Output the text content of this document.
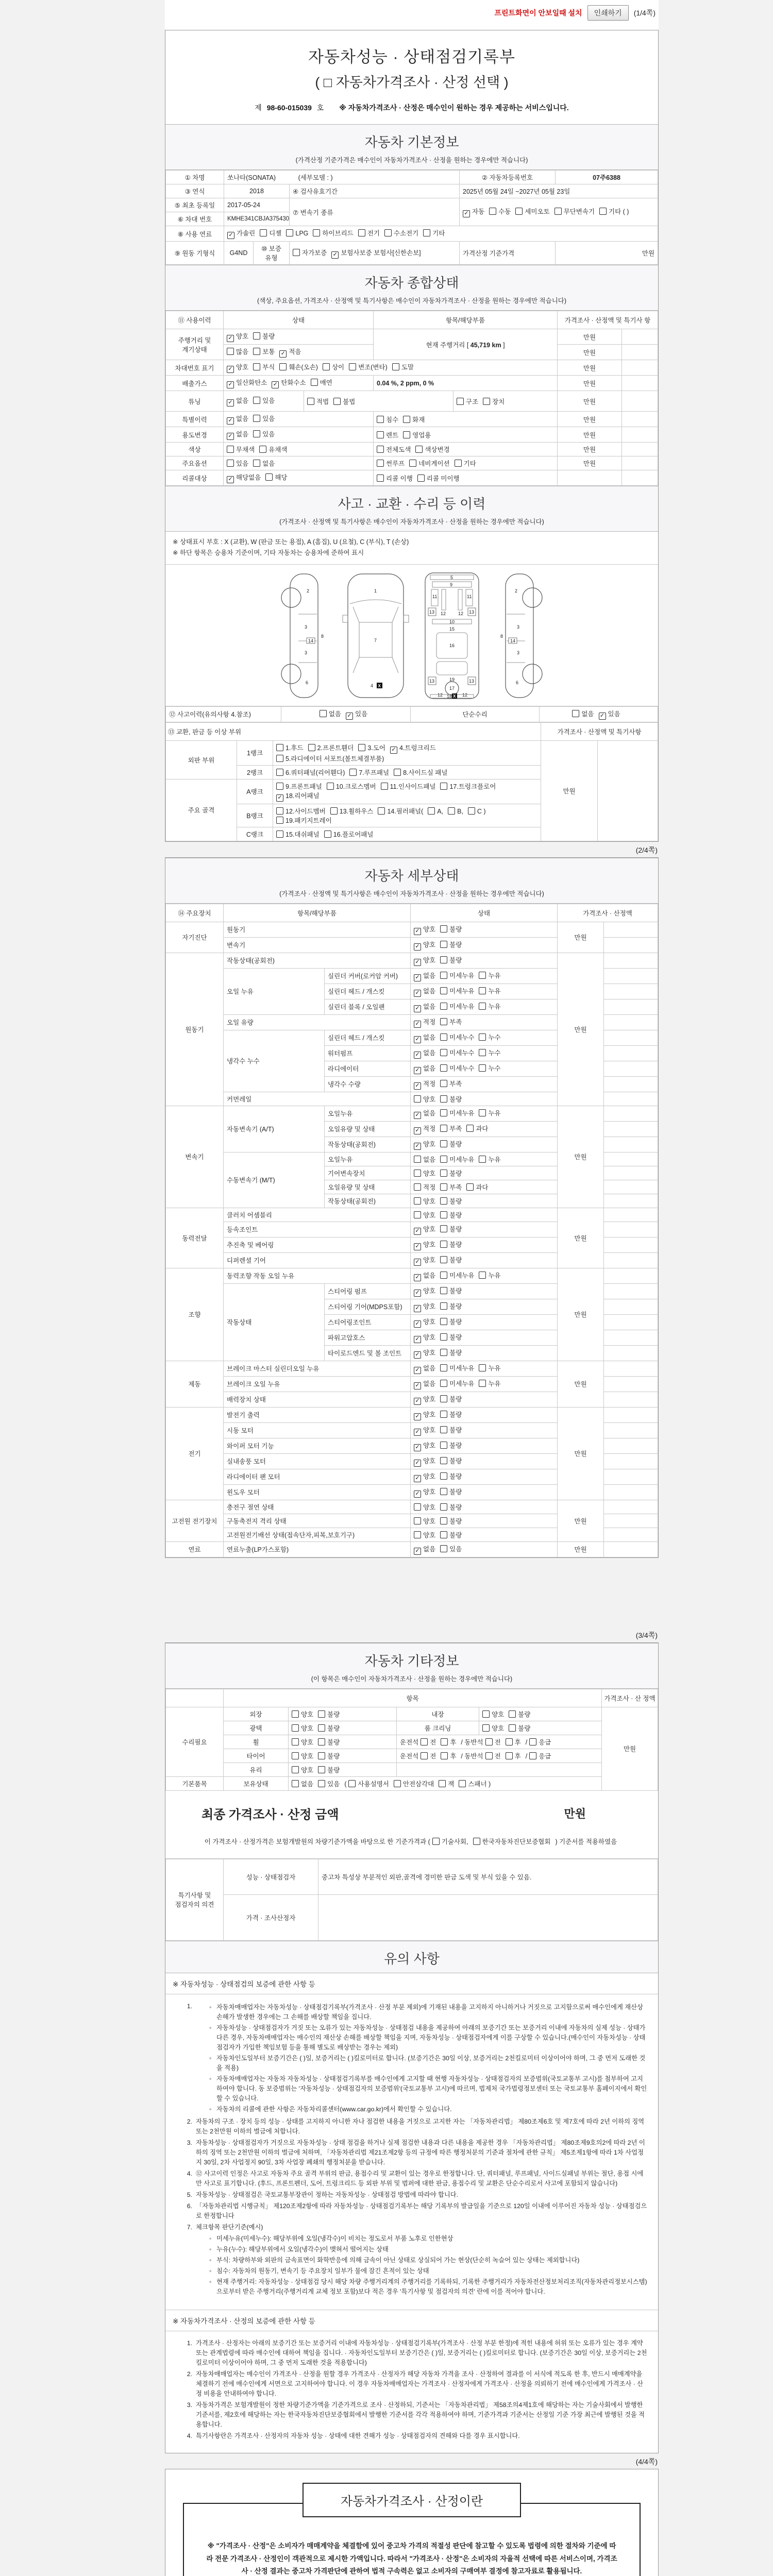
프린트화면이 안보일때 설치	인쇄하기	(1/4쪽)
자동차성능 · 상태점검기록부
( □ 자동차가격조사 · 산정 선택 )
제 98-60-015039 호 ※ 자동차가격조사 · 산정은 매수인이 원하는 경우 제공하는 서비스입니다.
자동차 기본정보
(가격산정 기준가격은 매수인이 자동차가격조사 · 산정을 원하는 경우에만 적습니다)
① 차명	쏘나타(SONATA) (세부모델 : )			② 자동차등록번호	07주6388
③ 연식	2018		④ 검사유효기간	2025년 05월 24일 ~2027년 05월 23일	
⑤ 최초 등록일	2017-05-24		⑦ 변속기 종류	✓ 자동 수동 세미오토 무단변속기 기타 ( )	
⑥ 차대 번호	KMHE341CBJA375430				
⑧ 사용 연료	✓ 가솔린 디젤 LPG 하이브리드 전기 수소전기 기타				
⑨ 원동 기형식	G4ND	⑩ 보증 유형	자가보증 ✓ 보험사보증 보험사[신한손보]	가격산정 기준가격	만원
자동차 종합상태
(색상, 주요옵션, 가격조사 · 산정액 및 특기사항은 매수인이 자동차가격조사 · 산정을 원하는 경우에만 적습니다)
⑪ 사용이력	상태		항목/해당부품		가격조사 · 산정액 및 특기사 항	
주행거리 및 계기상태	✓ 양호 불량		현재 주행거리 [ 45,719 km ]		만원	
	많음 보통 ✓ 적음				만원	
차대번호 표기	✓ 양호 부식 훼손(오손) 상이 변조(변타) 도말				만원	
배출가스	✓ 일산화탄소 ✓ 탄화수소 매연		0.04 %, 2 ppm, 0 %		만원	
튜닝	✓ 없음 있음	적법 불법		구조 장치	만원	
특별이력	✓ 없음 있음		침수 화재		만원	
용도변경	✓ 없음 있음		렌트 영업용		만원	
색상	무채색 유채색		전체도색 색상변경		만원	
주요옵션	있음 없음		썬루프 네비게이션 기타		만원	
리콜대상	✓ 해당없음 해당		리콜 이행 리콜 미이행			
사고 · 교환 · 수리 등 이력
(가격조사 · 산정액 및 특기사항은 매수인이 자동차가격조사 · 산정을 원하는 경우에만 적습니다)
※ 상태표시 부호 : X (교환), W (판금 또는 용접), A (흠집), U (요철), C (부식), T (손상)
※ 하단 항목은 승용차 기준이며, 기타 자동차는 승용차에 준하여 표시
2
3
3
6
8
14
1
7
4 X
5
9
11	11
12	12
13	13
10
15
16
19
13	13
17
12	12
18 X
2
3
3
6
8
14
⑫ 사고이력(유의사항 4.참조)	없음 ✓ 있음	단순수리	없음 ✓ 있음
⑬ 교환, 판금 등 이상 부위			가격조사 · 산정액 및 특기사항	
외판 부위	1랭크	1.후드 2.프론트휀더 3.도어 ✓ 4.트렁크리드5.라디에이터 서포트(볼트체결부품)	만원	
	2랭크	6.쿼터패널(리어휀다) 7.루프패널 8.사이드실 패널		
주요 골격	A랭크	9.프론트패널 10.크로스멤버 11.인사이드패널 17.트렁크플로어✓ 18.리어패널		
	B랭크	12.사이드멤버 13.휠하우스 14.필러패널( A, B, C )19.패키지트레이		
	C랭크	15.대쉬패널 16.플로어패널		
(2/4쪽)
자동차 세부상태
(가격조사 · 산정액 및 특기사항은 매수인이 자동차가격조사 · 산정을 원하는 경우에만 적습니다)
⑭ 주요장치	항목/해당부품		상태	가격조사 · 산정액	
자기진단	원동기		✓ 양호 불량	만원	
	변속기		✓ 양호 불량		
원동기	작동상태(공회전)		✓ 양호 불량	만원	
	오일 누유	실린더 커버(로커암 커버)	✓ 없음 미세누유 누유		
		실린더 헤드 / 개스킷	✓ 없음 미세누유 누유		
		실린더 블록 / 오일팬	✓ 없음 미세누유 누유		
	오일 유량		✓ 적정 부족		
	냉각수 누수	실린더 헤드 / 개스킷	✓ 없음 미세누수 누수		
		워터펌프	✓ 없음 미세누수 누수		
		라디에이터	✓ 없음 미세누수 누수		
		냉각수 수량	✓ 적정 부족		
	커먼레일		양호 불량		
변속기	자동변속기 (A/T)	오일누유	✓ 없음 미세누유 누유	만원	
		오일유량 및 상태	✓ 적정 부족 과다		
		작동상태(공회전)	✓ 양호 불량		
	수동변속기 (M/T)	오일누유	없음 미세누유 누유		
		기어변속장치	양호 불량		
		오일유량 및 상태	적정 부족 과다		
		작동상태(공회전)	양호 불량		
동력전달	클러치 어셈블리		양호 불량	만원	
	등속조인트		✓ 양호 불량		
	추진축 및 베어링		✓ 양호 불량		
	디퍼렌셜 기어		✓ 양호 불량		
조향	동력조향 작동 오일 누유		✓ 없음 미세누유 누유	만원	
	작동상태	스티어링 펌프	✓ 양호 불량		
		스티어링 기어(MDPS포함)	✓ 양호 불량		
		스티어링조인트	✓ 양호 불량		
		파워고압호스	✓ 양호 불량		
		타이로드엔드 및 볼 조인트	✓ 양호 불량		
제동	브레이크 마스터 실린더오일 누유		✓ 없음 미세누유 누유	만원	
	브레이크 오일 누유		✓ 없음 미세누유 누유		
	배력장치 상태		✓ 양호 불량		
전기	발전기 출력		✓ 양호 불량	만원	
	시동 모터		✓ 양호 불량		
	와이퍼 모터 기능		✓ 양호 불량		
	실내송풍 모터		✓ 양호 불량		
	라디에이터 팬 모터		✓ 양호 불량		
	윈도우 모터		✓ 양호 불량		
고전원 전기장치	충전구 절연 상태		양호 불량	만원	
	구동축전지 격리 상태		양호 불량		
	고전원전기배선 상태(접속단자,피복,보호기구)		양호 불량		
연료	연료누출(LP가스포함)		✓ 없음 있음	만원	
(3/4쪽)
자동차 기타정보
(이 항목은 매수인이 자동차가격조사 · 산정을 원하는 경우에만 적습니다)
	항목				가격조사 · 산 정액
수리필요	외장	양호 불량	내장	양호 불량	만원
	광택	양호 불량	룸 크리닝	양호 불량	
	휠	양호 불량	운전석 전 후 / 동반석 전 후 / 응급		
	타이어	양호 불량	운전석 전 후 / 동반석 전 후 / 응급		
	유리	양호 불량			
기본품목	보유상태	없음 있음 ( 사용설명서 안전삼각대 잭 스패너 )			
최종 가격조사 · 산정 금액	만원
이 가격조사 · 산정가격은 보험개발원의 차량기준가액을 바탕으로 한 기준가격과 ( 기술사회, 한국자동차진단보증협회 ) 기준서를 적용하였음
특기사항 및 점검자의 의견	성능 · 상태점검자	중고차 특성상 부분적인 외판,골격에 경미한 판금 도색 및 부식 있을 수 있음.
	가격 · 조사산정자	
유의 사항
※ 자동차성능 · 상태점검의 보증에 관한 사항 등
1.	◦ 자동차매매업자는 자동차성능 · 상태점검기록부(가격조사 · 산정 부분 제외)에 기재된 내용을 고지하지 아니하거나 거짓으로 고지함으로써 매수인에게 재산상 손해가 발생한 경우에는 그 손해를 배상할 책임을 집니다.
◦ 자동차성능 · 상태점검자가 거짓 또는 오류가 있는 자동차성능 · 상태점검 내용을 제공하여 아래의 보증기간 또는 보증거리 이내에 자동차의 실제 성능 · 상태가 다른 경우, 자동차매매업자는 매수인의 재산상 손해를 배상할 책임을 지며, 자동차성능 · 상태점검자에게 이를 구상할 수 있습니다.(매수인이 자동차성능 · 상태점검자가 가입한 책임보험 등을 통해 별도로 배상받는 경우는 제외)
◦ 자동차인도일부터 보증기간은 ( )일, 보증거리는 ( )킬로미터로 합니다. (보증기간은 30일 이상, 보증거리는 2천킬로미터 이상이어야 하며, 그 중 먼저 도래한 것을 적용)
◦ 자동차매매업자는 자동차 자동차성능 · 상태점검기록부를 매수인에게 고지할 때 현행 자동차성능 · 상태점검자의 보증범위(국토교통부 고시)를 첨부하여 고지하여야 합니다. 동 보증범위는 '자동차성능 · 상태점검자의 보증범위'(국토교통부 고시)에 따르며, 법제처 국가법령정보센터 또는 국토교통부 홈페이지에서 확인할 수 있습니다.
◦ 자동차의 리콜에 관한 사항은 자동차리콜센터(www.car.go.kr)에서 확인할 수 있습니다.
2. 자동차의 구조 · 장치 등의 성능 · 상태를 고지하지 아니한 자나 점검한 내용을 거짓으로 고지한 자는 「자동차관리법」 제80조제6호 및 제7호에 따라 2년 이하의 징역 또는 2천만원 이하의 벌금에 처합니다.
3. 자동차성능 · 상태점검자가 거짓으로 자동차성능 · 상태 점검을 하거나 실제 점검한 내용과 다른 내용을 제공한 경우 「자동차관리법」 제80조제9호의2에 따라 2년 이하의 징역 또는 2천만원 이하의 벌금에 처하며, 「자동차관리법 제21조제2항 등의 규정에 따른 행정처분의 기준과 절차에 관한 규칙」 제5조제1항에 따라 1차 사업정지 30일, 2차 사업정지 90일, 3차 사업장 폐쇄의 행정처분을 받습니다.
4. ⑫ 사고이력 인정은 사고로 자동차 주요 골격 부위의 판금, 용접수리 및 교환이 있는 경우로 한정합니다. 단, 쿼터패널, 루프패널, 사이드실패널 부위는 절단, 용접 시에만 사고로 표기합니다. (후드, 프론트펜더, 도어, 트렁크리드 등 외판 부위 및 범퍼에 대한 판금, 용접수리 및 교환은 단순수리로서 사고에 포함되지 않습니다)
5. 자동차성능 · 상태점검은 국토교통부장관이 정하는 자동차성능 · 상태점검 방법에 따라야 합니다.
6. 「자동차관리법 시행규칙」 제120조제2항에 따라 자동차성능 · 상태점검기록부는 해당 기록부의 발급일을 기준으로 120일 이내에 이루어진 자동차 성능 · 상태점검으로 한정합니다
7. 체크항목 판단기준(예시)
◦ 미세누유(미세누수): 해당부위에 오일(냉각수)이 비치는 정도로서 부품 노후로 인한현상
◦ 누유(누수): 해당부위에서 오일(냉각수)이 맺혀서 떨어지는 상태
◦ 부식: 차량하부와 외판의 금속표면이 화학반응에 의해 금속이 아닌 상태로 상실되어 가는 현상(단순히 녹슬어 있는 상태는 제외합니다)
◦ 침수: 자동차의 원동기, 변속기 등 주요장치 일부가 물에 잠긴 흔적이 있는 상태
◦ 현재 주행거리: 자동차성능 · 상태점검 당시 해당 차량 주행거리계의 주행거리를 기록하되, 기록한 주행거리가 자동차전산정보처리조직(자동차관리정보시스템)으로부터 받은 주행거리(주행거리계 교체 정보 포함)보다 적은 경우 '특기사항 및 점검자의 의견' 란에 이를 적어야 합니다.
※ 자동차가격조사 · 산정의 보증에 관한 사항 등
1. 가격조사 · 산정자는 아래의 보증기간 또는 보증거리 이내에 자동차성능 · 상태점검기록부(가격조사 · 산정 부분 한정)에 적힌 내용에 허위 또는 오류가 있는 경우 계약 또는 관계법령에 따라 매수인에 대하여 책임을 집니다. · 자동차인도일부터 보증기간은 ( )일, 보증거리는 ( )킬로미터로 합니다. (보증기간은 30일 이상, 보증거리는 2천킬로미터 이상이어야 하며, 그 중 먼저 도래한 것을 적용합니다)
2. 자동차매매업자는 매수인이 가격조사 · 산정을 원할 경우 가격조사 · 산정자가 해당 자동차 가격을 조사 · 산정하여 결과를 이 서식에 적도록 한 후, 반드시 매매계약을 체결하기 전에 매수인에게 서면으로 고지하여야 합니다. 이 경우 자동차매매업자는 가격조사 · 산정자에게 가격조사 · 산정을 의뢰하기 전에 매수인에게 가격조사 · 산정 비용을 안내하여야 합니다.
3. 자동차가격은 보험개발원이 정한 차량기준가액을 기준가격으로 조사 · 산정하되, 기준서는 「자동차관리법」 제58조의4제1호에 해당하는 자는 기술사회에서 발행한 기준서를, 제2호에 해당하는 자는 한국자동차진단보증협회에서 발행한 기준서를 각각 적용하여야 하며, 기준가격과 기준서는 산정일 기준 가장 최근에 발행된 것을 적용합니다.
4. 특기사항란은 가격조사 · 산정자의 자동차 성능 · 상태에 대한 견해가 성능 · 상태점검자의 견해와 다를 경우 표시합니다.
(4/4쪽)
자동차가격조사 · 산정이란
※ "가격조사 · 산정"은 소비자가 매매계약을 체결함에 있어 중고차 가격의 적절성 판단에 참고할 수 있도록 법령에 의한 절차와 기준에 따라 전문 가격조사 · 산정인이 객관적으로 제시한 가액입니다. 따라서 "가격조사 · 산정"은 소비자의 자율적 선택에 따른 서비스이며, 가격조사 · 산정 결과는 중고차 가격판단에 관하여 법적 구속력은 없고 소비자의 구매여부 결정에 참고자료로 활용됩니다.
